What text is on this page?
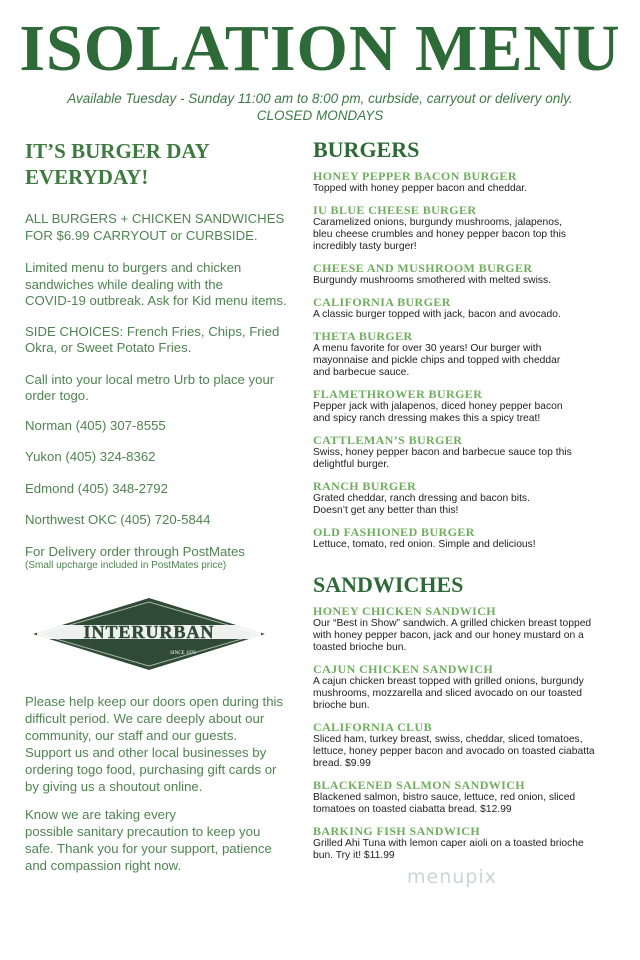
ISOLATION MENU
Available Tuesday - Sunday 11:00 am to 8:00 pm, curbside, carryout or delivery only.
CLOSED MONDAYS
IT’S BURGER DAY
EVERYDAY!
ALL BURGERS + CHICKEN SANDWICHES
FOR $6.99 CARRYOUT or CURBSIDE.
Limited menu to burgers and chicken
sandwiches while dealing with the
COVID-19 outbreak. Ask for Kid menu items.
SIDE CHOICES: French Fries, Chips, Fried
Okra, or Sweet Potato Fries.
Call into your local metro Urb to place your
order togo.
Norman (405) 307-8555
Yukon (405) 324-8362
Edmond (405) 348-2792
Northwest OKC (405) 720-5844
For Delivery order through PostMates
(Small upcharge included in PostMates price)
INTERURBAN
SINCE 1976
Please help keep our doors open during this
difficult period. We care deeply about our
community, our staff and our guests.
Support us and other local businesses by
ordering togo food, purchasing gift cards or
by giving us a shoutout online.
Know we are taking every
possible sanitary precaution to keep you
safe. Thank you for your support, patience
and compassion right now.
BURGERS
HONEY PEPPER BACON BURGER
Topped with honey pepper bacon and cheddar.
IU BLUE CHEESE BURGER
Caramelized onions, burgundy mushrooms, jalapenos,
bleu cheese crumbles and honey pepper bacon top this
incredibly tasty burger!
CHEESE AND MUSHROOM BURGER
Burgundy mushrooms smothered with melted swiss.
CALIFORNIA BURGER
A classic burger topped with jack, bacon and avocado.
THETA BURGER
A menu favorite for over 30 years! Our burger with
mayonnaise and pickle chips and topped with cheddar
and barbecue sauce.
FLAMETHROWER BURGER
Pepper jack with jalapenos, diced honey pepper bacon
and spicy ranch dressing makes this a spicy treat!
CATTLEMAN’S BURGER
Swiss, honey pepper bacon and barbecue sauce top this
delightful burger.
RANCH BURGER
Grated cheddar, ranch dressing and bacon bits.
Doesn’t get any better than this!
OLD FASHIONED BURGER
Lettuce, tomato, red onion. Simple and delicious!
SANDWICHES
HONEY CHICKEN SANDWICH
Our “Best in Show” sandwich. A grilled chicken breast topped
with honey pepper bacon, jack and our honey mustard on a
toasted brioche bun.
CAJUN CHICKEN SANDWICH
A cajun chicken breast topped with grilled onions, burgundy
mushrooms, mozzarella and sliced avocado on our toasted
brioche bun.
CALIFORNIA CLUB
Sliced ham, turkey breast, swiss, cheddar, sliced tomatoes,
lettuce, honey pepper bacon and avocado on toasted ciabatta
bread. $9.99
BLACKENED SALMON SANDWICH
Blackened salmon, bistro sauce, lettuce, red onion, sliced
tomatoes on toasted ciabatta bread. $12.99
BARKING FISH SANDWICH
Grilled Ahi Tuna with lemon caper aioli on a toasted brioche
bun. Try it! $11.99
menupix
